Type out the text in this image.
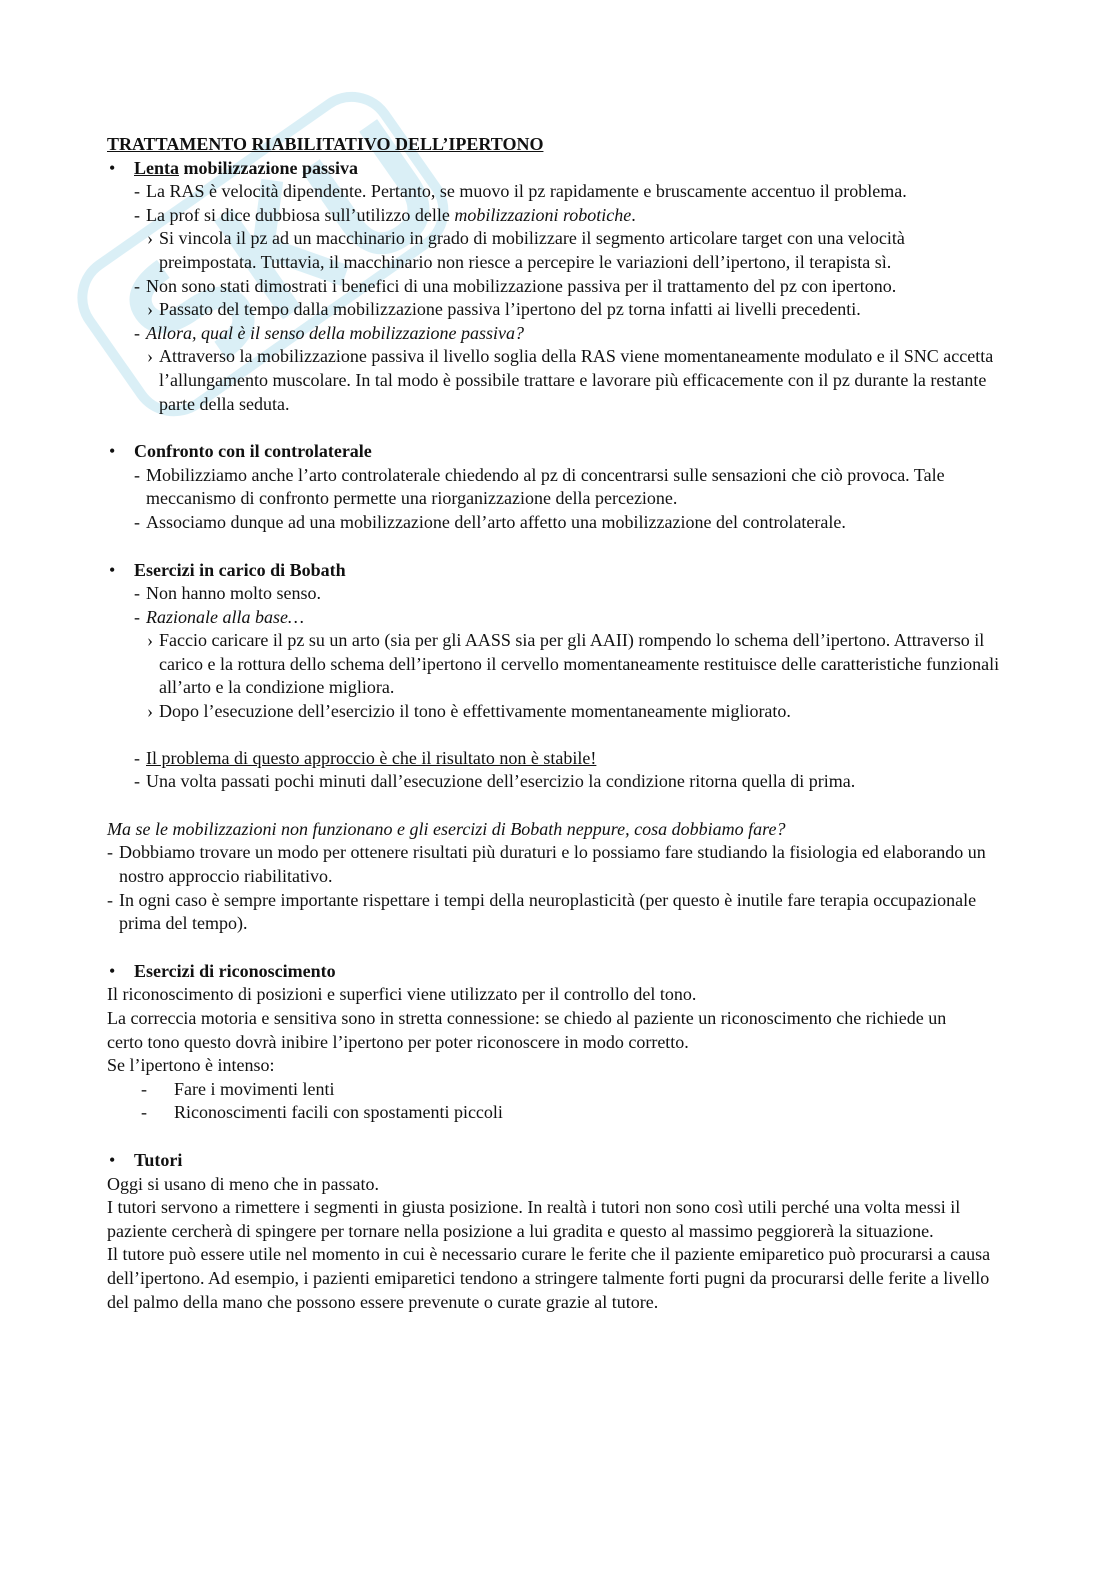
TRATTAMENTO RIABILITATIVO DELL’IPERTONO

• Lenta mobilizzazione passiva
- La RAS è velocità dipendente. Pertanto, se muovo il pz rapidamente e bruscamente accentuo il problema.
- La prof si dice dubbiosa sull’utilizzo delle mobilizzazioni robotiche.
› Si vincola il pz ad un macchinario in grado di mobilizzare il segmento articolare target con una velocità preimpostata. Tuttavia, il macchinario non riesce a percepire le variazioni dell’ipertono, il terapista sì.
- Non sono stati dimostrati i benefici di una mobilizzazione passiva per il trattamento del pz con ipertono.
› Passato del tempo dalla mobilizzazione passiva l’ipertono del pz torna infatti ai livelli precedenti.
- Allora, qual è il senso della mobilizzazione passiva?
› Attraverso la mobilizzazione passiva il livello soglia della RAS viene momentaneamente modulato e il SNC accetta l’allungamento muscolare. In tal modo è possibile trattare e lavorare più efficacemente con il pz durante la restante parte della seduta.
• Confronto con il controlaterale
- Mobilizziamo anche l’arto controlaterale chiedendo al pz di concentrarsi sulle sensazioni che ciò provoca. Tale meccanismo di confronto permette una riorganizzazione della percezione.
- Associamo dunque ad una mobilizzazione dell’arto affetto una mobilizzazione del controlaterale.
• Esercizi in carico di Bobath
- Non hanno molto senso.
- Razionale alla base…
› Faccio caricare il pz su un arto (sia per gli AASS sia per gli AAII) rompendo lo schema dell’ipertono. Attraverso il carico e la rottura dello schema dell’ipertono il cervello momentaneamente restituisce delle caratteristiche funzionali all’arto e la condizione migliora.
› Dopo l’esecuzione dell’esercizio il tono è effettivamente momentaneamente migliorato.
- Il problema di questo approccio è che il risultato non è stabile!
- Una volta passati pochi minuti dall’esecuzione dell’esercizio la condizione ritorna quella di prima.

Ma se le mobilizzazioni non funzionano e gli esercizi di Bobath neppure, cosa dobbiamo fare?

- Dobbiamo trovare un modo per ottenere risultati più duraturi e lo possiamo fare studiando la fisiologia ed elaborando un nostro approccio riabilitativo.
- In ogni caso è sempre importante rispettare i tempi della neuroplasticità (per questo è inutile fare terapia occupazionale prima del tempo).
• Esercizi di riconoscimento

Il riconoscimento di posizioni e superfici viene utilizzato per il controllo del tono.

La correccia motoria e sensitiva sono in stretta connessione: se chiedo al paziente un riconoscimento che richiede un certo tono questo dovrà inibire l’ipertono per poter riconoscere in modo corretto.

Se l’ipertono è intenso:

- Fare i movimenti lenti
- Riconoscimenti facili con spostamenti piccoli
• Tutori

Oggi si usano di meno che in passato.

I tutori servono a rimettere i segmenti in giusta posizione. In realtà i tutori non sono così utili perché una volta messi il paziente cercherà di spingere per tornare nella posizione a lui gradita e questo al massimo peggiorerà la situazione.

Il tutore può essere utile nel momento in cui è necessario curare le ferite che il paziente emiparetico può procurarsi a causa dell’ipertono. Ad esempio, i pazienti emiparetici tendono a stringere talmente forti pugni da procurarsi delle ferite a livello del palmo della mano che possono essere prevenute o curate grazie al tutore.
